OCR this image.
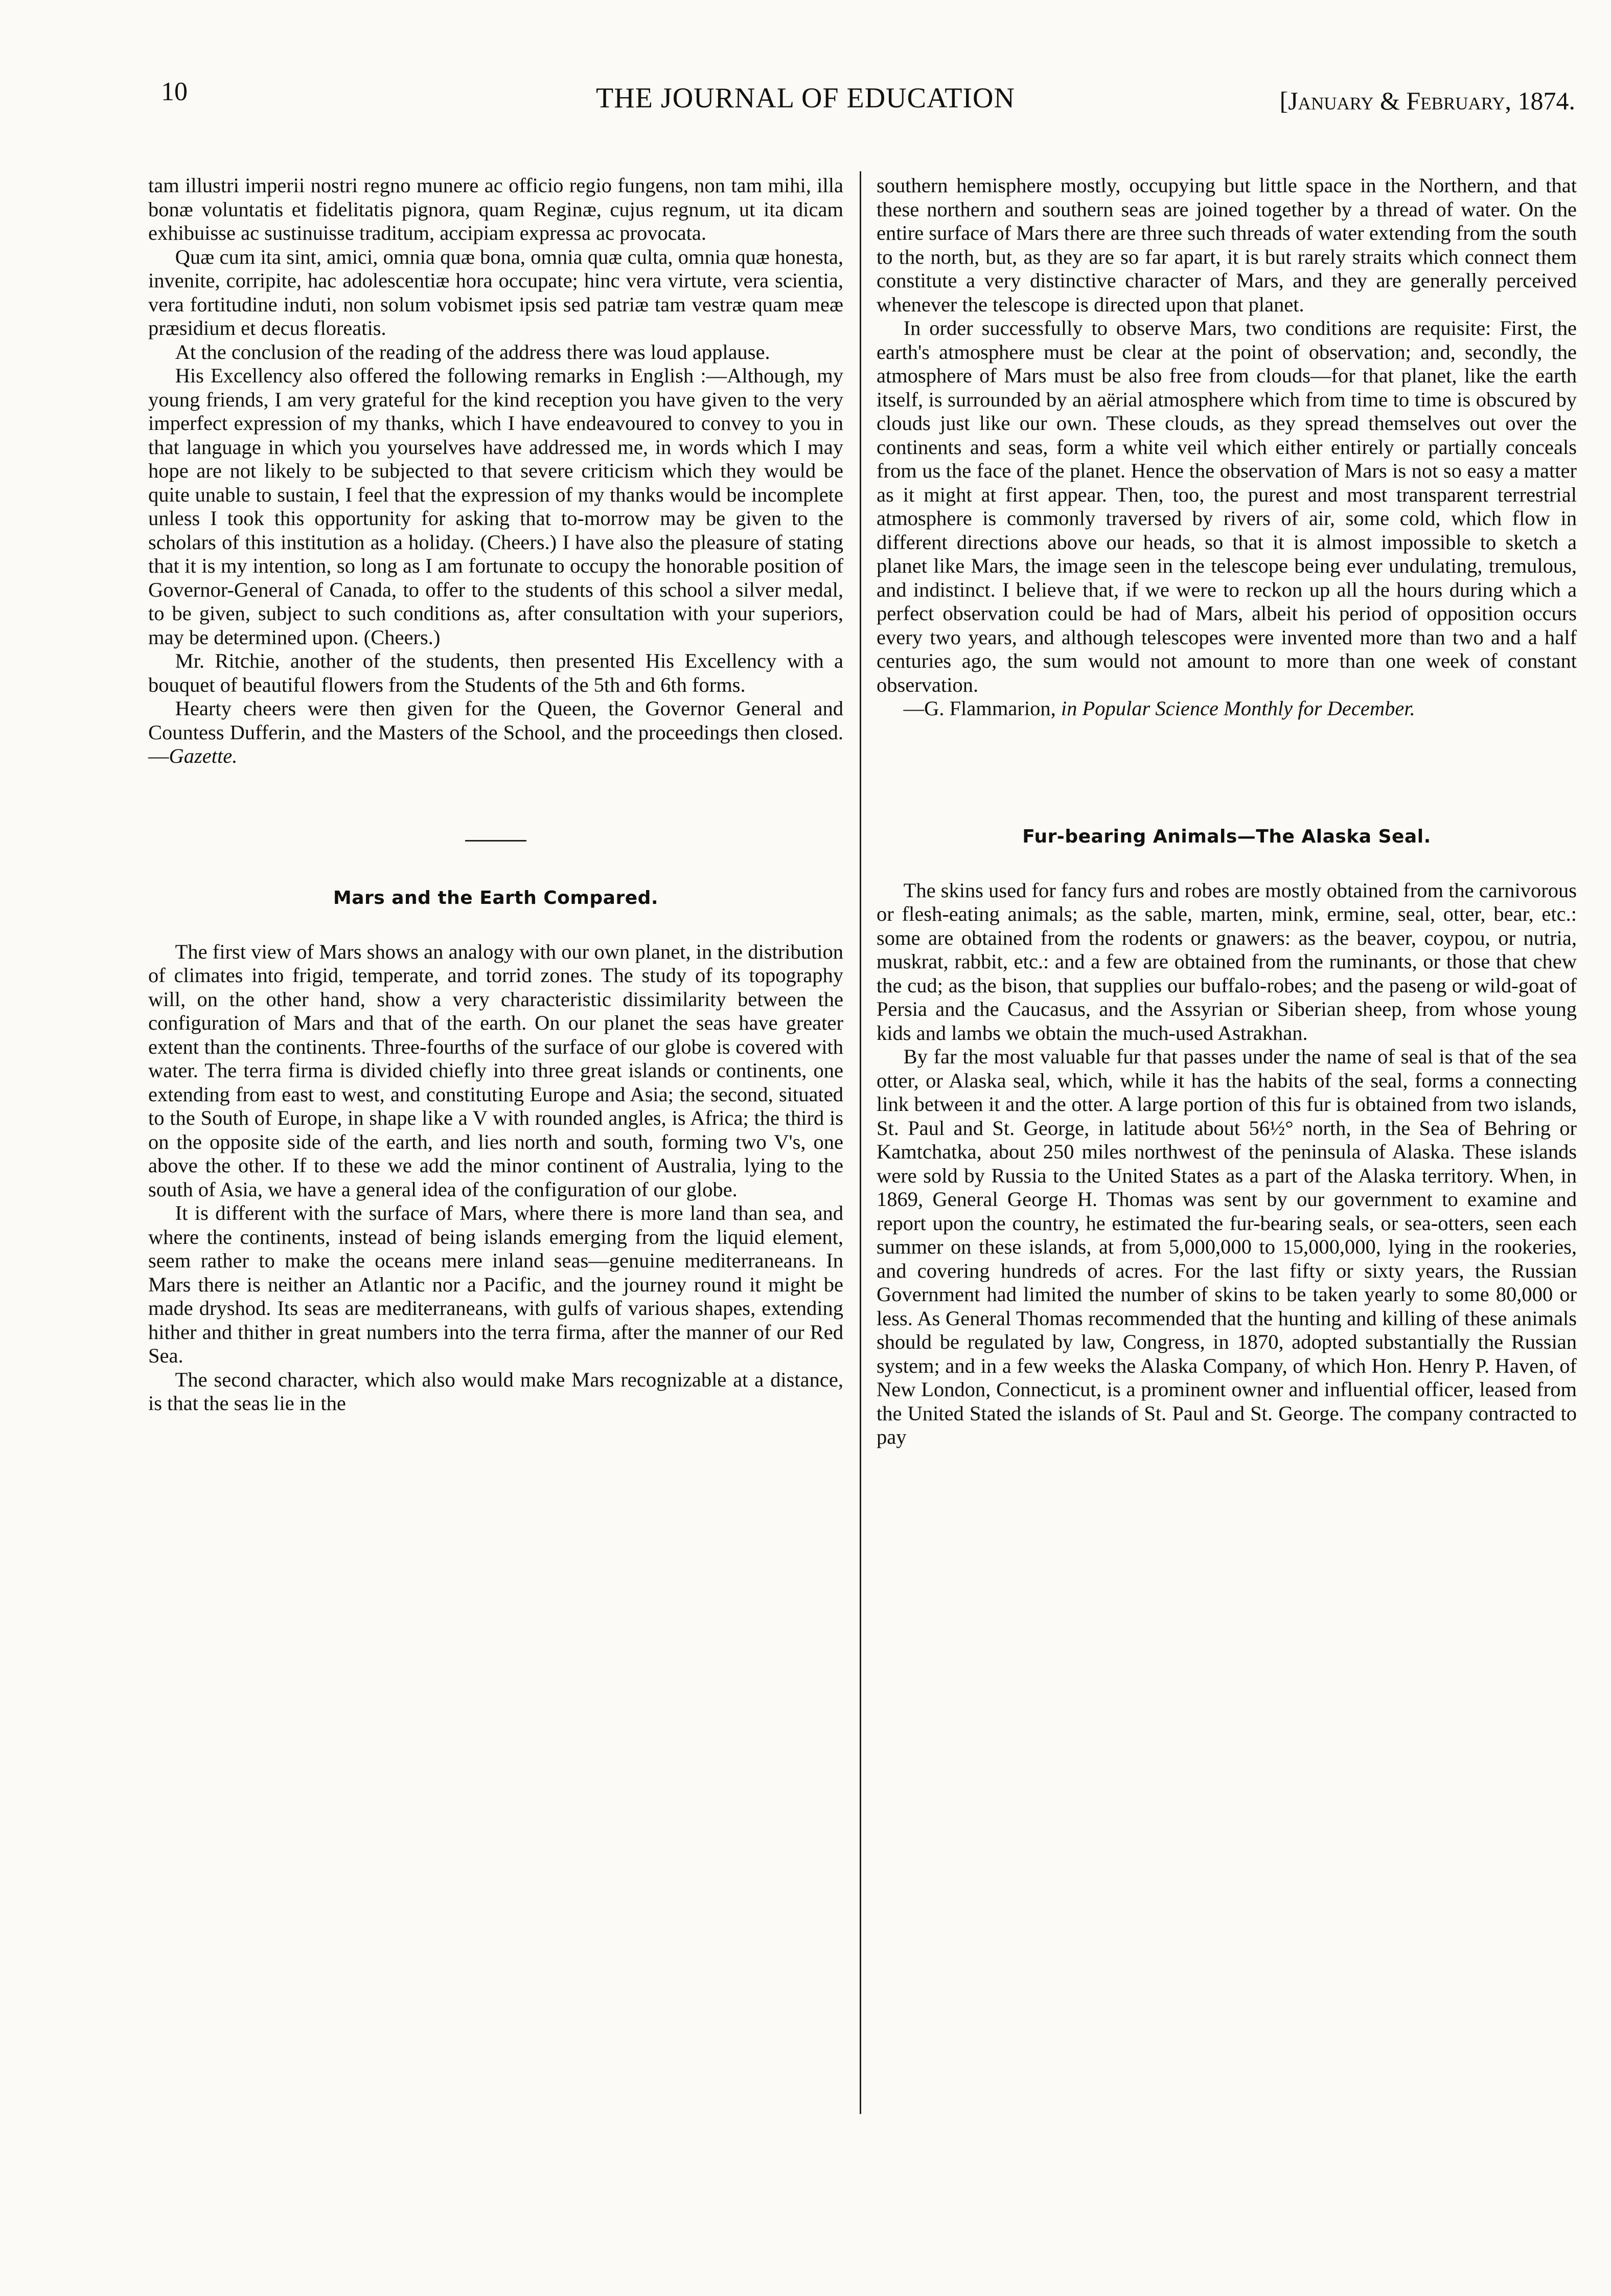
10	THE JOURNAL OF EDUCATION	[January & February, 1874.

tam illustri imperii nostri regno munere ac officio regio fungens, non tam mihi, illa bonæ voluntatis et fidelitatis pignora, quam Reginæ, cujus regnum, ut ita dicam exhibuisse ac sustinuisse traditum, accipiam expressa ac provocata.

Quæ cum ita sint, amici, omnia quæ bona, omnia quæ culta, omnia quæ honesta, invenite, corripite, hac adolescentiæ hora occupate; hinc vera virtute, vera scientia, vera fortitudine induti, non solum vobismet ipsis sed patriæ tam vestræ quam meæ præsidium et decus floreatis.

At the conclusion of the reading of the address there was loud applause.

His Excellency also offered the following remarks in English :—Although, my young friends, I am very grateful for the kind reception you have given to the very imperfect expression of my thanks, which I have endeavoured to convey to you in that language in which you yourselves have addressed me, in words which I may hope are not likely to be subjected to that severe criticism which they would be quite unable to sustain, I feel that the expression of my thanks would be incomplete unless I took this opportunity for asking that to-morrow may be given to the scholars of this institution as a holiday. (Cheers.) I have also the pleasure of stating that it is my intention, so long as I am fortunate to occupy the honorable position of Governor-General of Canada, to offer to the students of this school a silver medal, to be given, subject to such conditions as, after consultation with your superiors, may be determined upon. (Cheers.)

Mr. Ritchie, another of the students, then presented His Excellency with a bouquet of beautiful flowers from the Students of the 5th and 6th forms.

Hearty cheers were then given for the Queen, the Governor General and Countess Dufferin, and the Masters of the School, and the proceedings then closed.—Gazette.

Mars and the Earth Compared.

The first view of Mars shows an analogy with our own planet, in the distribution of climates into frigid, temperate, and torrid zones. The study of its topography will, on the other hand, show a very characteristic dissimilarity between the configuration of Mars and that of the earth. On our planet the seas have greater extent than the continents. Three-fourths of the surface of our globe is covered with water. The terra firma is divided chiefly into three great islands or continents, one extending from east to west, and constituting Europe and Asia; the second, situated to the South of Europe, in shape like a V with rounded angles, is Africa; the third is on the opposite side of the earth, and lies north and south, forming two V's, one above the other. If to these we add the minor continent of Australia, lying to the south of Asia, we have a general idea of the configuration of our globe.

It is different with the surface of Mars, where there is more land than sea, and where the continents, instead of being islands emerging from the liquid element, seem rather to make the oceans mere inland seas—genuine mediterraneans. In Mars there is neither an Atlantic nor a Pacific, and the journey round it might be made dryshod. Its seas are mediterraneans, with gulfs of various shapes, extending hither and thither in great numbers into the terra firma, after the manner of our Red Sea.

The second character, which also would make Mars recognizable at a distance, is that the seas lie in the

southern hemisphere mostly, occupying but little space in the Northern, and that these northern and southern seas are joined together by a thread of water. On the entire surface of Mars there are three such threads of water extending from the south to the north, but, as they are so far apart, it is but rarely straits which connect them constitute a very distinctive character of Mars, and they are generally perceived whenever the telescope is directed upon that planet.

In order successfully to observe Mars, two conditions are requisite: First, the earth's atmosphere must be clear at the point of observation; and, secondly, the atmosphere of Mars must be also free from clouds—for that planet, like the earth itself, is surrounded by an aërial atmosphere which from time to time is obscured by clouds just like our own. These clouds, as they spread themselves out over the continents and seas, form a white veil which either entirely or partially conceals from us the face of the planet. Hence the observation of Mars is not so easy a matter as it might at first appear. Then, too, the purest and most transparent terrestrial atmosphere is commonly traversed by rivers of air, some cold, which flow in different directions above our heads, so that it is almost impossible to sketch a planet like Mars, the image seen in the telescope being ever undulating, tremulous, and indistinct. I believe that, if we were to reckon up all the hours during which a perfect observation could be had of Mars, albeit his period of opposition occurs every two years, and although telescopes were invented more than two and a half centuries ago, the sum would not amount to more than one week of constant observation.

—G. Flammarion, in Popular Science Monthly for December.

Fur-bearing Animals—The Alaska Seal.

The skins used for fancy furs and robes are mostly obtained from the carnivorous or flesh-eating animals; as the sable, marten, mink, ermine, seal, otter, bear, etc.: some are obtained from the rodents or gnawers: as the beaver, coypou, or nutria, muskrat, rabbit, etc.: and a few are obtained from the ruminants, or those that chew the cud; as the bison, that supplies our buffalo-robes; and the paseng or wild-goat of Persia and the Caucasus, and the Assyrian or Siberian sheep, from whose young kids and lambs we obtain the much-used Astrakhan.

By far the most valuable fur that passes under the name of seal is that of the sea otter, or Alaska seal, which, while it has the habits of the seal, forms a connecting link between it and the otter. A large portion of this fur is obtained from two islands, St. Paul and St. George, in latitude about 56½° north, in the Sea of Behring or Kamtchatka, about 250 miles northwest of the peninsula of Alaska. These islands were sold by Russia to the United States as a part of the Alaska territory. When, in 1869, General George H. Thomas was sent by our government to examine and report upon the country, he estimated the fur-bearing seals, or sea-otters, seen each summer on these islands, at from 5,000,000 to 15,000,000, lying in the rookeries, and covering hundreds of acres. For the last fifty or sixty years, the Russian Government had limited the number of skins to be taken yearly to some 80,000 or less. As General Thomas recommended that the hunting and killing of these animals should be regulated by law, Congress, in 1870, adopted substantially the Russian system; and in a few weeks the Alaska Company, of which Hon. Henry P. Haven, of New London, Connecticut, is a prominent owner and influential officer, leased from the United Stated the islands of St. Paul and St. George. The company contracted to pay
